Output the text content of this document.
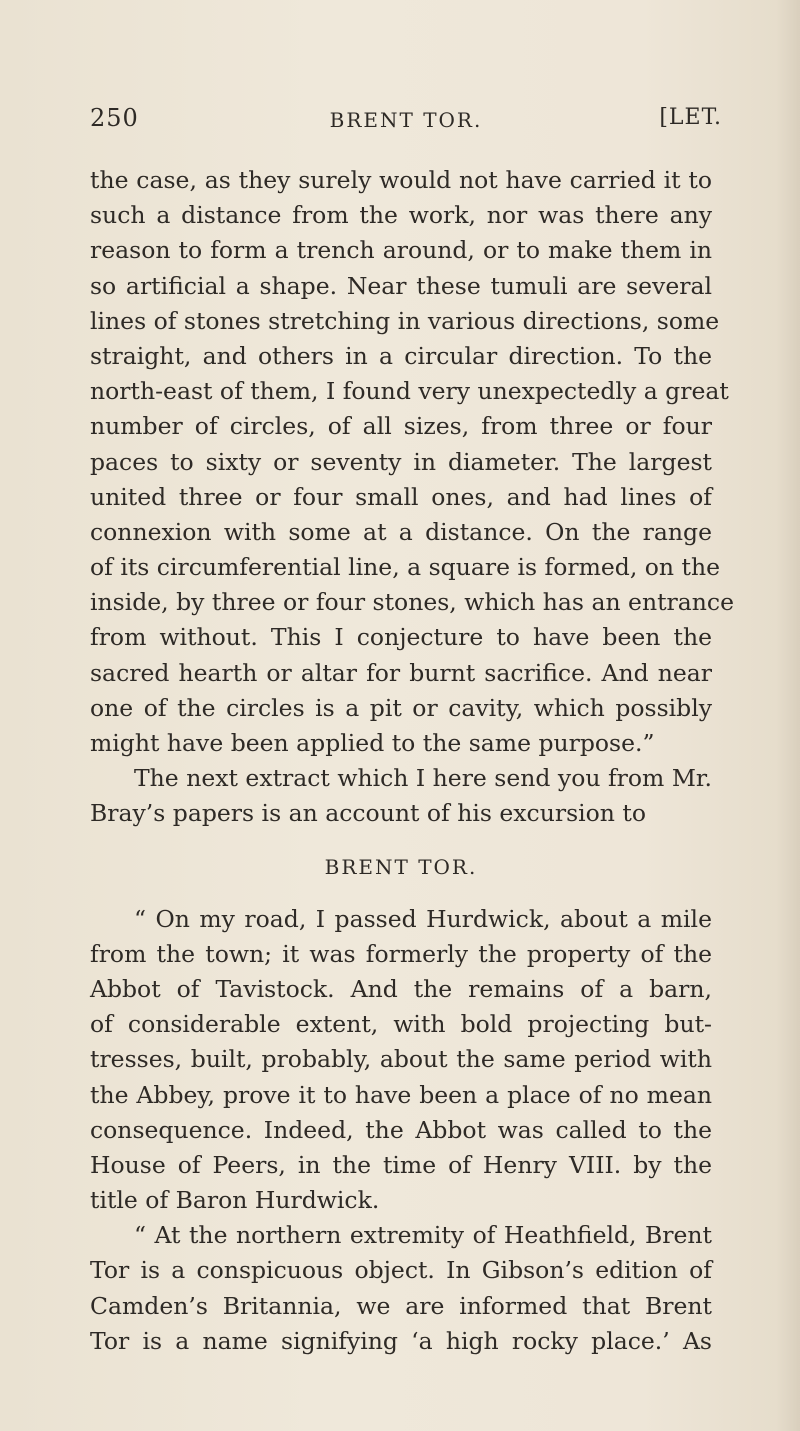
250	BRENT TOR.	[LET.
the case, as they surely would not have carried it to
such a distance from the work, nor was there any
reason to form a trench around, or to make them in
so artificial a shape. Near these tumuli are several
lines of stones stretching in various directions, some
straight, and others in a circular direction. To the
north-east of them, I found very unexpectedly a great
number of circles, of all sizes, from three or four
paces to sixty or seventy in diameter. The largest
united three or four small ones, and had lines of
connexion with some at a distance. On the range
of its circumferential line, a square is formed, on the
inside, by three or four stones, which has an entrance
from without. This I conjecture to have been the
sacred hearth or altar for burnt sacrifice. And near
one of the circles is a pit or cavity, which possibly
might have been applied to the same purpose.”
The next extract which I here send you from Mr.
Bray’s papers is an account of his excursion to
BRENT TOR.
“ On my road, I passed Hurdwick, about a mile
from the town; it was formerly the property of the
Abbot of Tavistock. And the remains of a barn,
of considerable extent, with bold projecting but-
tresses, built, probably, about the same period with
the Abbey, prove it to have been a place of no mean
consequence. Indeed, the Abbot was called to the
House of Peers, in the time of Henry VIII. by the
title of Baron Hurdwick.
“ At the northern extremity of Heathfield, Brent
Tor is a conspicuous object. In Gibson’s edition of
Camden’s Britannia, we are informed that Brent
Tor is a name signifying ‘a high rocky place.’ As
